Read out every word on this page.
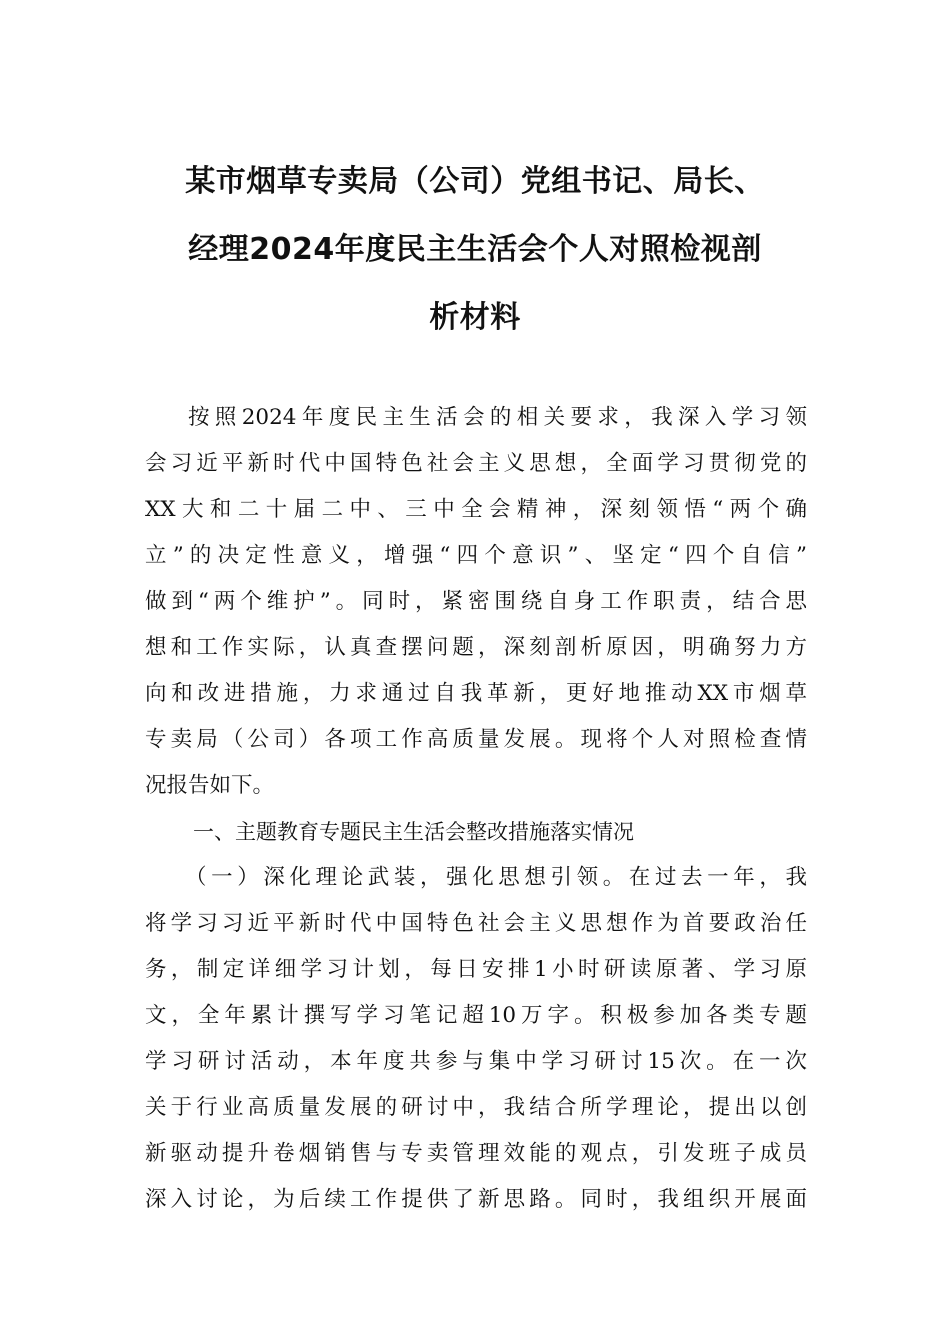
某市烟草专卖局（公司）党组书记、局长、
经理2024年度民主生活会个人对照检视剖
析材料
按照2024年度民主生活会的相关要求，我深入学习领
会习近平新时代中国特色社会主义思想，全面学习贯彻党的
XX大和二十届二中、三中全会精神，深刻领悟“两个确
立”的决定性意义，增强“四个意识”、坚定“四个自信”
做到“两个维护”。同时，紧密围绕自身工作职责，结合思
想和工作实际，认真查摆问题，深刻剖析原因，明确努力方
向和改进措施，力求通过自我革新，更好地推动XX市烟草
专卖局（公司）各项工作高质量发展。现将个人对照检查情
况报告如下。
一、主题教育专题民主生活会整改措施落实情况
（一）深化理论武装，强化思想引领。在过去一年，我
将学习习近平新时代中国特色社会主义思想作为首要政治任
务，制定详细学习计划，每日安排1小时研读原著、学习原
文，全年累计撰写学习笔记超10万字。积极参加各类专题
学习研讨活动，本年度共参与集中学习研讨15次。在一次
关于行业高质量发展的研讨中，我结合所学理论，提出以创
新驱动提升卷烟销售与专卖管理效能的观点，引发班子成员
深入讨论，为后续工作提供了新思路。同时，我组织开展面
